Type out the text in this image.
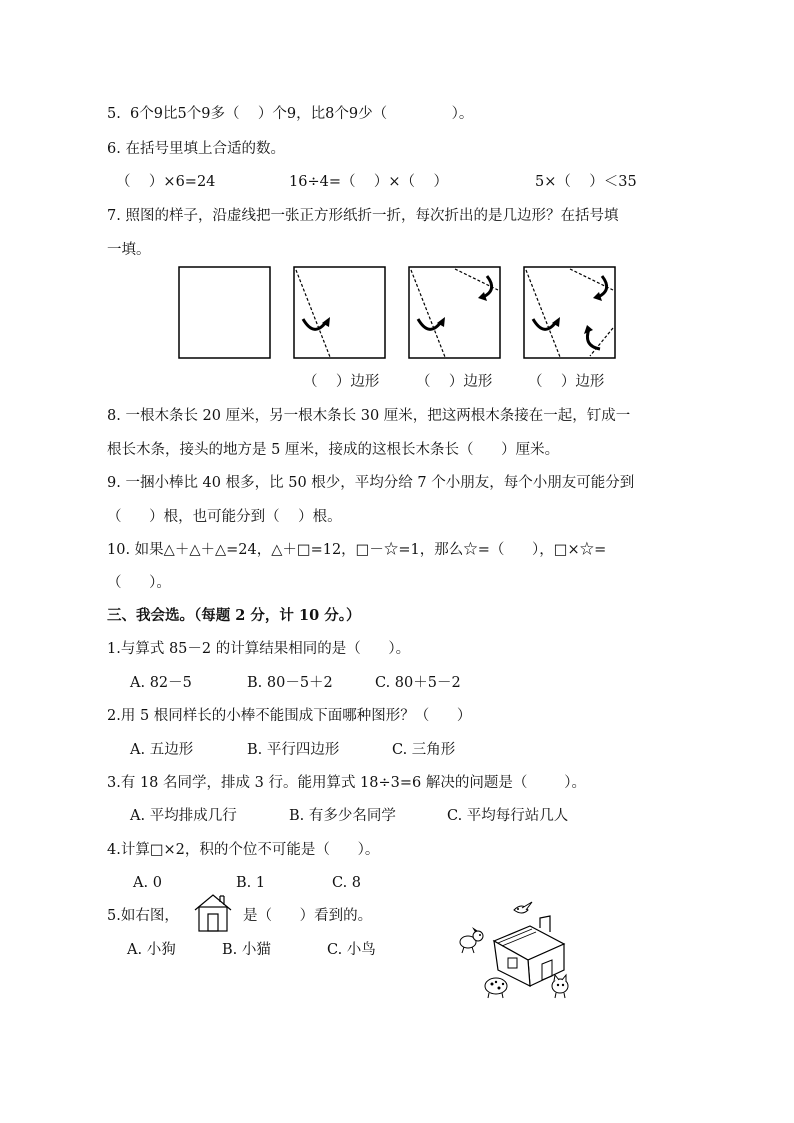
5.  6个9比5个9多（    ）个9，比8个9少（              ）。
6. 在括号里填上合适的数。
（    ）×6=24	16÷4=（    ）×（    ）	5×（    ）＜35
7. 照图的样子，沿虚线把一张正方形纸折一折，每次折出的是几边形？在括号填
一填。
（    ）边形	（    ）边形 （    ）边形
8. 一根木条长 20 厘米，另一根木条长 30 厘米，把这两根木条接在一起，钉成一
根长木条，接头的地方是 5 厘米，接成的这根长木条长（      ）厘米。
9. 一捆小棒比 40 根多，比 50 根少，平均分给 7 个小朋友，每个小朋友可能分到
（      ）根，也可能分到（    ）根。
10. 如果△＋△＋△=24，△＋□=12，□－☆=1，那么☆=（      ），□×☆=
（      ）。
三、我会选。（每题 2 分，计 10 分。）
1.与算式 85－2 的计算结果相同的是（      ）。
A. 82－5	B. 80－5＋2	C. 80＋5－2
2.用 5 根同样长的小棒不能围成下面哪种图形？（      ）
A. 五边形	B. 平行四边形	C. 三角形
3.有 18 名同学，排成 3 行。能用算式 18÷3=6 解决的问题是（        ）。
A. 平均排成几行	B. 有多少名同学	C. 平均每行站几人
4.计算□×2，积的个位不可能是（      ）。
A. 0	B. 1	C. 8
5.如右图，	是（      ）看到的。
A. 小狗	B. 小猫	C. 小鸟
